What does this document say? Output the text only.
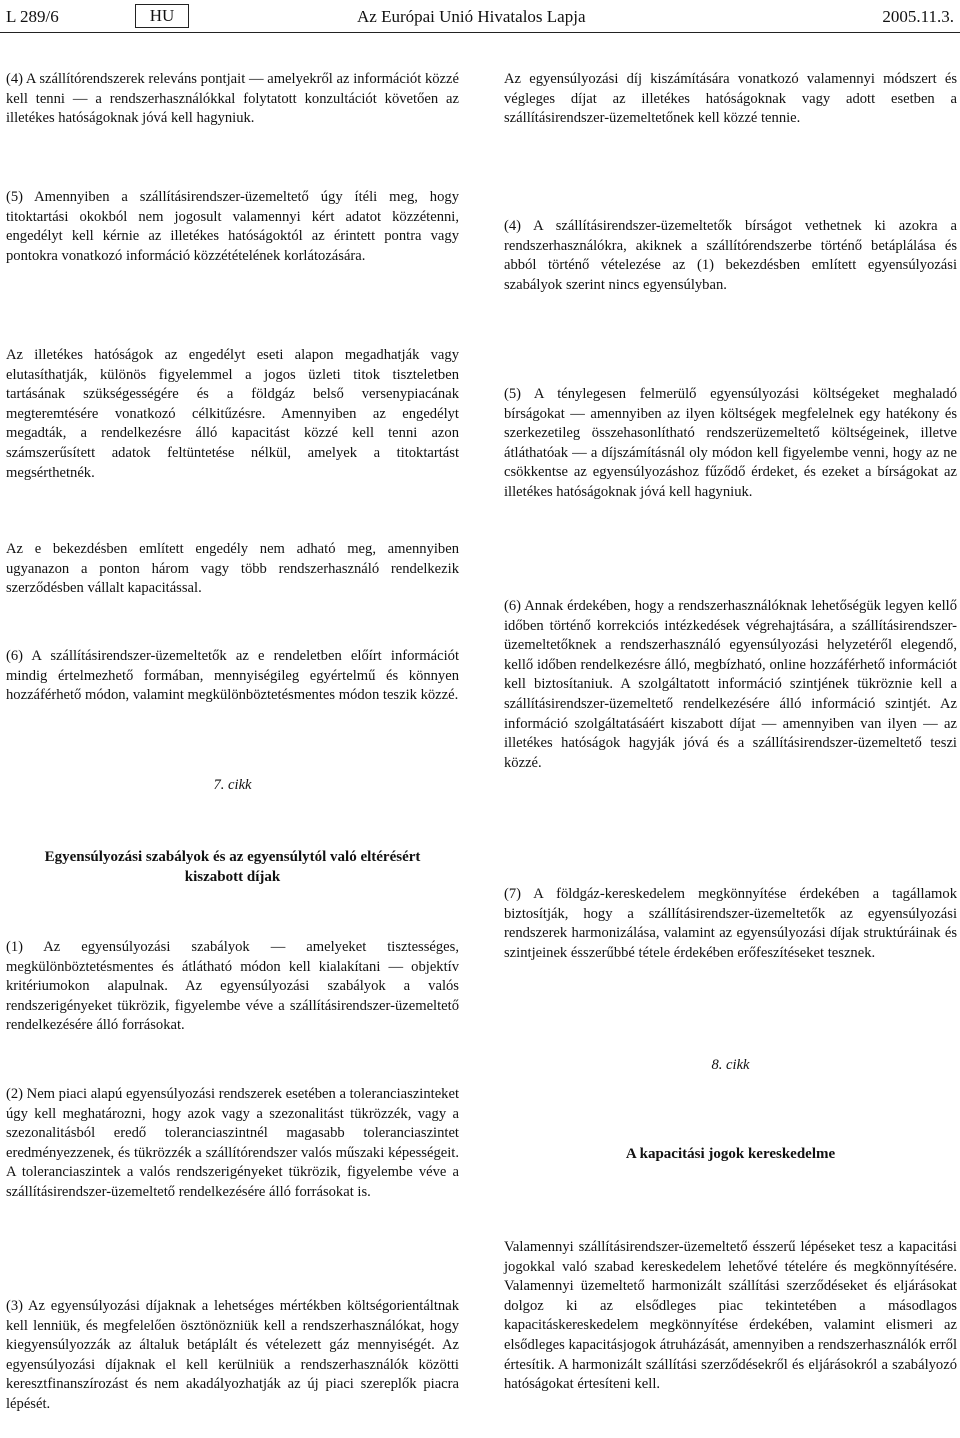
L 289/6	HU	Az Európai Unió Hivatalos Lapja	2005.11.3.

(4) A szállítórendszerek releváns pontjait ― amelyekről az információt közzé kell tenni ― a rendszerhasználókkal folytatott konzultációt követően az illetékes hatóságoknak jóvá kell hagyniuk.

(5) Amennyiben a szállításirendszer-üzemeltető úgy ítéli meg, hogy titoktartási okokból nem jogosult valamennyi kért adatot közzétenni, engedélyt kell kérnie az illetékes hatóságoktól az érintett pontra vagy pontokra vonatkozó információ közzétételének korlátozására.

Az illetékes hatóságok az engedélyt eseti alapon megadhatják vagy elutasíthatják, különös figyelemmel a jogos üzleti titok tiszteletben tartásának szükségességére és a földgáz belső versenypiacának megteremtésére vonatkozó célkitűzésre. Amennyiben az engedélyt megadták, a rendelkezésre álló kapacitást közzé kell tenni azon számszerűsített adatok feltüntetése nélkül, amelyek a titoktartást megsérthetnék.

Az e bekezdésben említett engedély nem adható meg, amennyiben ugyanazon a ponton három vagy több rendszerhasználó rendelkezik szerződésben vállalt kapacitással.

(6) A szállításirendszer-üzemeltetők az e rendeletben előírt információt mindig értelmezhető formában, mennyiségileg egyértelmű és könnyen hozzáférhető módon, valamint megkülönböztetésmentes módon teszik közzé.

7. cikk

Egyensúlyozási szabályok és az egyensúlytól való eltérésért kiszabott díjak

(1) Az egyensúlyozási szabályok ― amelyeket tisztességes, megkülönböztetésmentes és átlátható módon kell kialakítani ― objektív kritériumokon alapulnak. Az egyensúlyozási szabályok a valós rendszerigényeket tükrözik, figyelembe véve a szállításirendszer-üzemeltető rendelkezésére álló forrásokat.

(2) Nem piaci alapú egyensúlyozási rendszerek esetében a toleranciaszinteket úgy kell meghatározni, hogy azok vagy a szezonalitást tükrözzék, vagy a szezonalitásból eredő toleranciaszintnél magasabb toleranciaszintet eredményezzenek, és tükrözzék a szállítórendszer valós műszaki képességeit. A toleranciaszintek a valós rendszerigényeket tükrözik, figyelembe véve a szállításirendszer-üzemeltető rendelkezésére álló forrásokat is.

(3) Az egyensúlyozási díjaknak a lehetséges mértékben költségorientáltnak kell lenniük, és megfelelően ösztönözniük kell a rendszerhasználókat, hogy kiegyensúlyozzák az általuk betáplált és vételezett gáz mennyiségét. Az egyensúlyozási díjaknak el kell kerülniük a rendszerhasználók közötti keresztfinanszírozást és nem akadályozhatják az új piaci szereplők piacra lépését.

Az egyensúlyozási díj kiszámítására vonatkozó valamennyi módszert és végleges díjat az illetékes hatóságoknak vagy adott esetben a szállításirendszer-üzemeltetőnek kell közzé tennie.

(4) A szállításirendszer-üzemeltetők bírságot vethetnek ki azokra a rendszerhasználókra, akiknek a szállítórendszerbe történő betáplálása és abból történő vételezése az (1) bekezdésben említett egyensúlyozási szabályok szerint nincs egyensúlyban.

(5) A ténylegesen felmerülő egyensúlyozási költségeket meghaladó bírságokat ― amennyiben az ilyen költségek megfelelnek egy hatékony és szerkezetileg összehasonlítható rendszerüzemeltető költségeinek, illetve átláthatóak ― a díjszámításnál oly módon kell figyelembe venni, hogy az ne csökkentse az egyensúlyozáshoz fűződő érdeket, és ezeket a bírságokat az illetékes hatóságoknak jóvá kell hagyniuk.

(6) Annak érdekében, hogy a rendszerhasználóknak lehetőségük legyen kellő időben történő korrekciós intézkedések végrehajtására, a szállításirendszer-üzemeltetőknek a rendszerhasználó egyensúlyozási helyzetéről elegendő, kellő időben rendelkezésre álló, megbízható, online hozzáférhető információt kell biztosítaniuk. A szolgáltatott információ szintjének tükröznie kell a szállításirendszer-üzemeltető rendelkezésére álló információ szintjét. Az információ szolgáltatásáért kiszabott díjat ― amennyiben van ilyen ― az illetékes hatóságok hagyják jóvá és a szállításirendszer-üzemeltető teszi közzé.

(7) A földgáz-kereskedelem megkönnyítése érdekében a tagállamok biztosítják, hogy a szállításirendszer-üzemeltetők az egyensúlyozási rendszerek harmonizálása, valamint az egyensúlyozási díjak struktúráinak és szintjeinek ésszerűbbé tétele érdekében erőfeszítéseket tesznek.

8. cikk

A kapacitási jogok kereskedelme

Valamennyi szállításirendszer-üzemeltető ésszerű lépéseket tesz a kapacitási jogokkal való szabad kereskedelem lehetővé tételére és megkönnyítésére. Valamennyi üzemeltető harmonizált szállítási szerződéseket és eljárásokat dolgoz ki az elsődleges piac tekintetében a másodlagos kapacitáskereskedelem megkönnyítése érdekében, valamint elismeri az elsődleges kapacitásjogok átruházását, amennyiben a rendszerhasználók erről értesítik. A harmonizált szállítási szerződésekről és eljárásokról a szabályozó hatóságokat értesíteni kell.
